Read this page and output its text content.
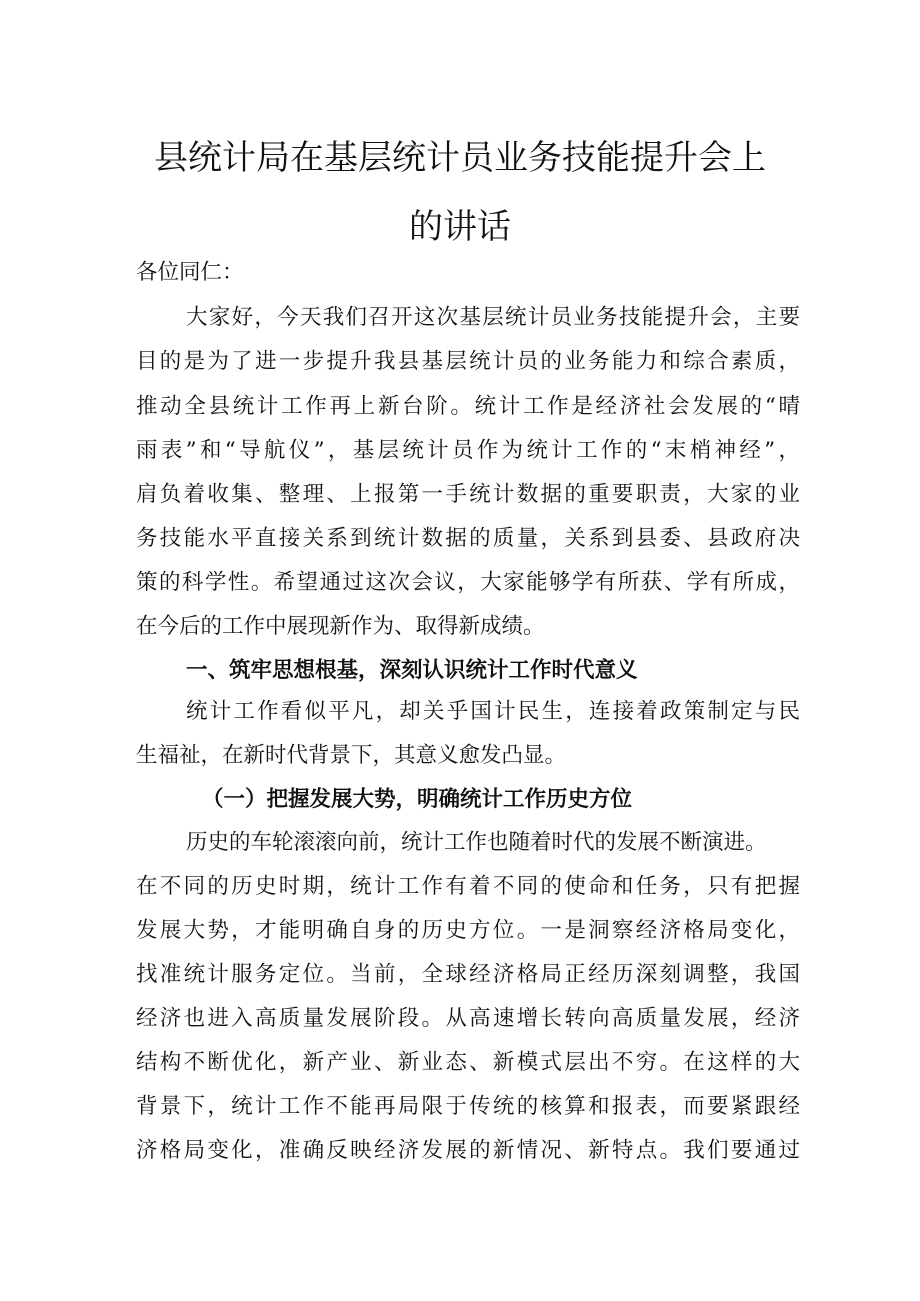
县统计局在基层统计员业务技能提升会上
的讲话
各位同仁：
大家好，今天我们召开这次基层统计员业务技能提升会，主要
目的是为了进一步提升我县基层统计员的业务能力和综合素质，
推动全县统计工作再上新台阶。统计工作是经济社会发展的“晴
雨表”和“导航仪”，基层统计员作为统计工作的“末梢神经”，
肩负着收集、整理、上报第一手统计数据的重要职责，大家的业
务技能水平直接关系到统计数据的质量，关系到县委、县政府决
策的科学性。希望通过这次会议，大家能够学有所获、学有所成，
在今后的工作中展现新作为、取得新成绩。
一、筑牢思想根基，深刻认识统计工作时代意义
统计工作看似平凡，却关乎国计民生，连接着政策制定与民
生福祉，在新时代背景下，其意义愈发凸显。
（一）把握发展大势，明确统计工作历史方位
历史的车轮滚滚向前，统计工作也随着时代的发展不断演进。
在不同的历史时期，统计工作有着不同的使命和任务，只有把握
发展大势，才能明确自身的历史方位。一是洞察经济格局变化，
找准统计服务定位。当前，全球经济格局正经历深刻调整，我国
经济也进入高质量发展阶段。从高速增长转向高质量发展，经济
结构不断优化，新产业、新业态、新模式层出不穷。在这样的大
背景下，统计工作不能再局限于传统的核算和报表，而要紧跟经
济格局变化，准确反映经济发展的新情况、新特点。我们要通过
